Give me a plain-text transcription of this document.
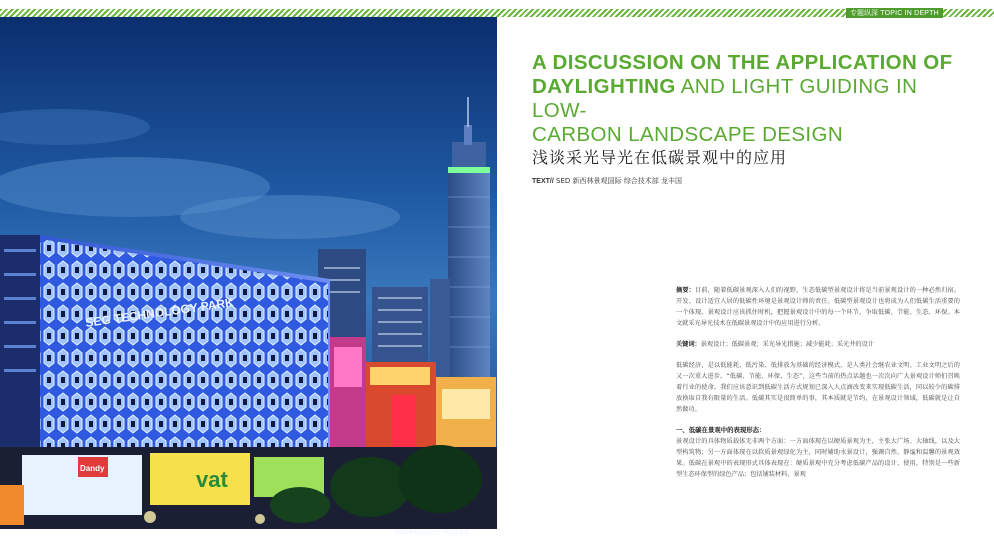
专题纵深 TOPIC IN DEPTH
SEG TECHNOLOGY PARK
Dandy	vat
深圳赛格科技园电子广场夜景实景
A DISCUSSION ON THE APPLICATION OF
DAYLIGHTING AND LIGHT GUIDING IN LOW-
CARBON LANDSCAPE DESIGN
浅谈采光导光在低碳景观中的应用
TEXT// SED 新西林景观国际 综合技术部 龙丰国

摘要：目前，随着低碳景观深入人们的视野，生态低碳型景观设计将是当前景观设计的一种必然归宿。开发、设计适宜人居的低碳性环境是景观设计师的责任。低碳型景观设计也将成为人们低碳生活重要的一个体现。景观设计应该抓住时机，把握景观设计中的每一个环节，争取低碳、节能、生态、环保。本文就采光导光技术在低碳景观设计中的应用进行分析。

关键词：景观设计；低碳景观；采光导光措施；减少能耗；采光井的设计

低碳经济，是以低能耗、低污染、低排放为基础的经济模式，是人类社会继农业文明、工业文明之后的又一次重大进步。“低碳、节能、环保、生态”，这些当前的热点话题也一次次向广大景观设计师们召唤着行业的使命。我们应该意识到低碳生活方式规划已深入人点滴改变来实现低碳生活，同以较少的碳排放换取自我有限量的生活。低碳其实是很简单的事，其本质就是节约，在景观设计领域，低碳就是让自然做功。

一、低碳在景观中的表现形态：

景观设计的具体物质载体无非两个方面：一方面体现在以硬质景观为主，主张大广场、大轴线，以及大型构筑物；另一方面体现在以软质景观绿化为主，同时辅助水景设计，强调自然、静谧和温馨的景观效果。低碳在景观中的表现形式具体表现在：硬质景观中充分考虑低碳产品的设计、使用，特别是一些新型生态环保型的绿色产品；包括铺装材料、景观
